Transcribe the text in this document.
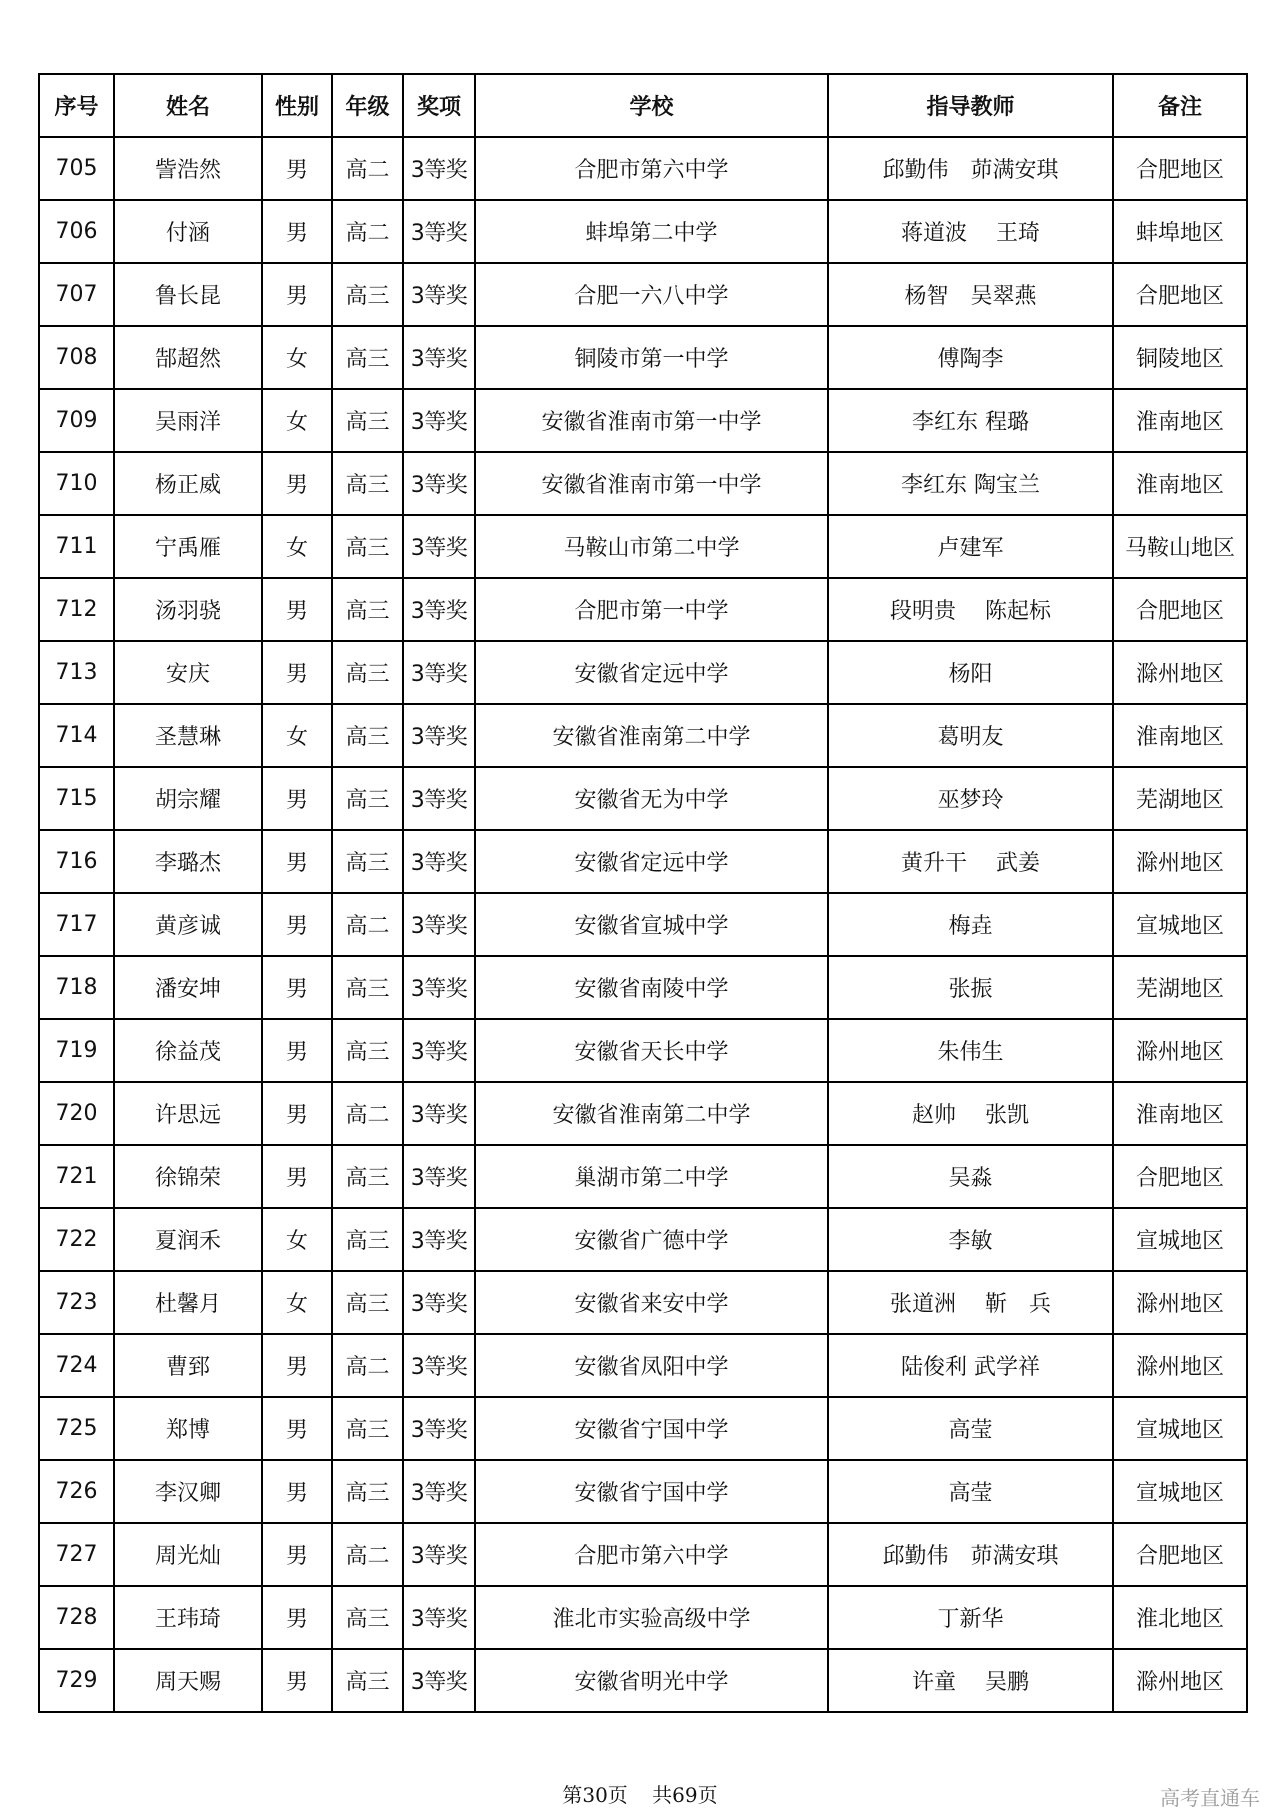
序号	姓名	性别	年级	奖项	学校	指导教师	备注
705	訾浩然	男	高二	3等奖	合肥市第六中学	邱勤伟　茆满安琪	合肥地区
706	付涵	男	高二	3等奖	蚌埠第二中学	蒋道波　 王琦	蚌埠地区
707	鲁长昆	男	高三	3等奖	合肥一六八中学	杨智　吴翠燕	合肥地区
708	郜超然	女	高三	3等奖	铜陵市第一中学	傅陶李	铜陵地区
709	吴雨洋	女	高三	3等奖	安徽省淮南市第一中学	李红东 程璐	淮南地区
710	杨正威	男	高三	3等奖	安徽省淮南市第一中学	李红东 陶宝兰	淮南地区
711	宁禹雁	女	高三	3等奖	马鞍山市第二中学	卢建军	马鞍山地区
712	汤羽骁	男	高三	3等奖	合肥市第一中学	段明贵　 陈起标	合肥地区
713	安庆	男	高三	3等奖	安徽省定远中学	杨阳	滁州地区
714	圣慧琳	女	高三	3等奖	安徽省淮南第二中学	葛明友	淮南地区
715	胡宗耀	男	高三	3等奖	安徽省无为中学	巫梦玲	芜湖地区
716	李璐杰	男	高三	3等奖	安徽省定远中学	黄升干　 武姜	滁州地区
717	黄彦诚	男	高二	3等奖	安徽省宣城中学	梅垚	宣城地区
718	潘安坤	男	高三	3等奖	安徽省南陵中学	张振	芜湖地区
719	徐益茂	男	高三	3等奖	安徽省天长中学	朱伟生	滁州地区
720	许思远	男	高二	3等奖	安徽省淮南第二中学	赵帅　 张凯	淮南地区
721	徐锦荣	男	高三	3等奖	巢湖市第二中学	吴淼	合肥地区
722	夏润禾	女	高三	3等奖	安徽省广德中学	李敏	宣城地区
723	杜馨月	女	高三	3等奖	安徽省来安中学	张道洲　 靳　兵	滁州地区
724	曹郅	男	高二	3等奖	安徽省凤阳中学	陆俊利 武学祥	滁州地区
725	郑博	男	高三	3等奖	安徽省宁国中学	高莹	宣城地区
726	李汉卿	男	高三	3等奖	安徽省宁国中学	高莹	宣城地区
727	周光灿	男	高二	3等奖	合肥市第六中学	邱勤伟　茆满安琪	合肥地区
728	王玮琦	男	高三	3等奖	淮北市实验高级中学	丁新华	淮北地区
729	周天赐	男	高三	3等奖	安徽省明光中学	许童　 吴鹏	滁州地区
第30页 共69页	高考直通车
